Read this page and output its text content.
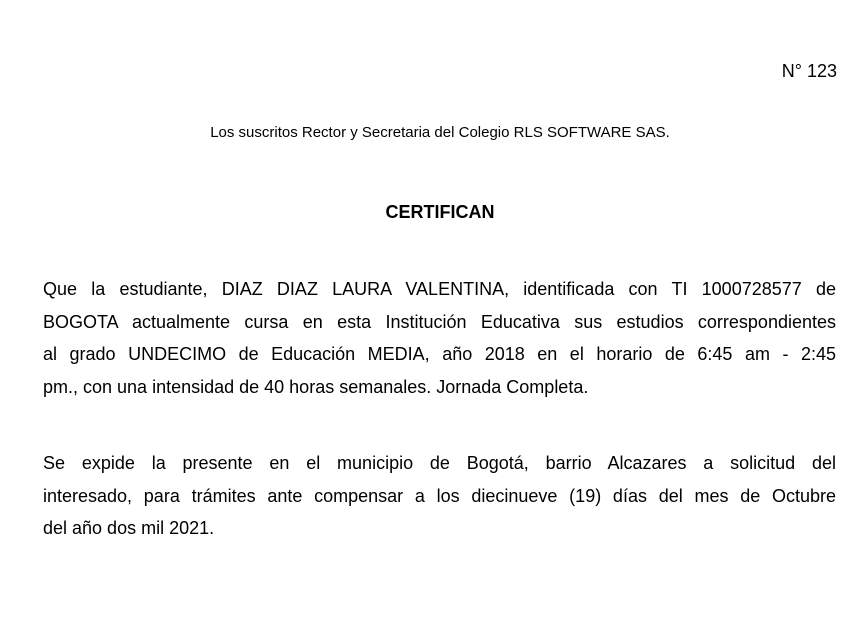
N° 123
Los suscritos Rector y Secretaria del Colegio RLS SOFTWARE SAS.
CERTIFICAN
Que la estudiante, DIAZ DIAZ LAURA VALENTINA, identificada con TI 1000728577 de
BOGOTA actualmente cursa en esta Institución Educativa sus estudios correspondientes
al grado UNDECIMO de Educación MEDIA, año 2018 en el horario de 6:45 am - 2:45
pm., con una intensidad de 40 horas semanales. Jornada Completa.
Se expide la presente en el municipio de Bogotá, barrio Alcazares a solicitud del
interesado, para trámites ante compensar a los diecinueve (19) días del mes de Octubre
del año dos mil 2021.
